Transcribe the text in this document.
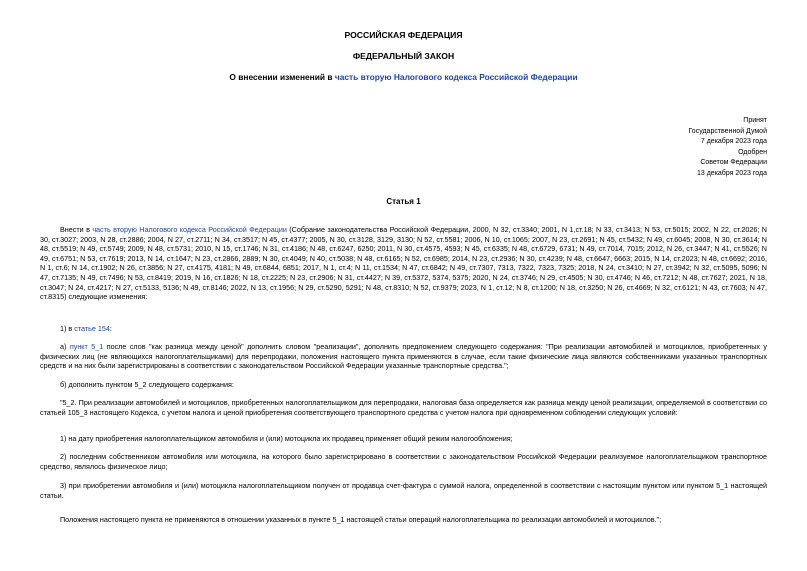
РОССИЙСКАЯ ФЕДЕРАЦИЯ
ФЕДЕРАЛЬНЫЙ ЗАКОН
О внесении изменений в часть вторую Налогового кодекса Российской Федерации
Принят
Государственной Думой
7 декабря 2023 года
Одобрен
Советом Федерации
13 декабря 2023 года
Статья 1

Внести в часть вторую Налогового кодекса Российской Федерации (Собрание законодательства Российской Федерации, 2000, N 32, ст.3340; 2001, N 1,ст.18; N 33, ст.3413; N 53, ст.5015; 2002, N 22, ст.2026; N 30, ст.3027; 2003, N 28, ст.2886; 2004, N 27, ст.2711; N 34, ст.3517; N 45, ст.4377; 2005, N 30, ст.3128, 3129, 3130; N 52, ст.5581; 2006, N 10, ст.1065; 2007, N 23, ст.2691; N 45, ст.5432; N 49, ст.6045; 2008, N 30, ст.3614; N 48, ст.5519; N 49, ст.5749; 2009, N 48, ст.5731; 2010, N 15, ст.1746; N 31, ст.4186; N 48, ст.6247, 6250; 2011, N 30, ст.4575, 4593; N 45, ст.6335; N 48, ст.6729, 6731; N 49, ст.7014, 7015; 2012, N 26, ст.3447; N 41, ст.5526; N 49, ст.6751; N 53, ст.7619; 2013, N 14, ст.1647; N 23, ст.2866, 2889; N 30, ст.4049; N 40, ст.5038; N 48, ст.6165; N 52, ст.6985; 2014, N 23, ст.2936; N 30, ст.4239; N 48, ст.6647, 6663; 2015, N 14, ст.2023; N 48, ст.6692; 2016, N 1, ст.6; N 14, ст.1902; N 26, ст.3856; N 27, ст.4175, 4181; N 49, ст.6844, 6851; 2017, N 1, ст.4; N 11, ст.1534; N 47, ст.6842; N 49, ст.7307, 7313, 7322, 7323, 7325; 2018, N 24, ст.3410; N 27, ст.3942; N 32, ст.5095, 5096; N 47, ст.7135; N 49, ст.7496; N 53, ст.8419; 2019, N 16, ст.1826; N 18, ст.2225; N 23, ст.2906; N 31, ст.4427; N 39, ст.5372, 5374, 5375; 2020, N 24, ст.3746; N 29, ст.4505; N 30, ст.4746; N 46, ст.7212; N 48, ст.7627; 2021, N 18, ст.3047; N 24, ст.4217; N 27, ст.5133, 5136; N 49, ст.8146; 2022, N 13, ст.1956; N 29, ст.5290, 5291; N 48, ст.8310; N 52, ст.9379; 2023, N 1, ст.12; N 8, ст.1200; N 18, ст.3250; N 26, ст.4669; N 32, ст.6121; N 43, ст.7603; N 47, ст.8315) следующие изменения:

1) в статье 154:

а) пункт 5_1 после слов "как разница между ценой" дополнить словом "реализации", дополнить предложением следующего содержания: "При реализации автомобилей и мотоциклов, приобретенных у физических лиц (не являющихся налогоплательщиками) для перепродажи, положения настоящего пункта применяются в случае, если такие физические лица являются собственниками указанных транспортных средств и на них были зарегистрированы в соответствии с законодательством Российской Федерации указанные транспортные средства.";

б) дополнить пунктом 5_2 следующего содержания:

"5_2. При реализации автомобилей и мотоциклов, приобретенных налогоплательщиком для перепродажи, налоговая база определяется как разница между ценой реализации, определяемой в соответствии со статьей 105_3 настоящего Кодекса, с учетом налога и ценой приобретения соответствующего транспортного средства с учетом налога при одновременном соблюдении следующих условий:

1) на дату приобретения налогоплательщиком автомобиля и (или) мотоцикла их продавец применяет общий режим налогообложения;

2) последним собственником автомобиля или мотоцикла, на которого было зарегистрировано в соответствии с законодательством Российской Федерации реализуемое налогоплательщиком транспортное средство, являлось физическое лицо;

3) при приобретении автомобиля и (или) мотоцикла налогоплательщиком получен от продавца счет-фактура с суммой налога, определенной в соответствии с настоящим пунктом или пунктом 5_1 настоящей статьи.

Положения настоящего пункта не применяются в отношении указанных в пункте 5_1 настоящей статьи операций налогоплательщика по реализации автомобилей и мотоциклов.";
